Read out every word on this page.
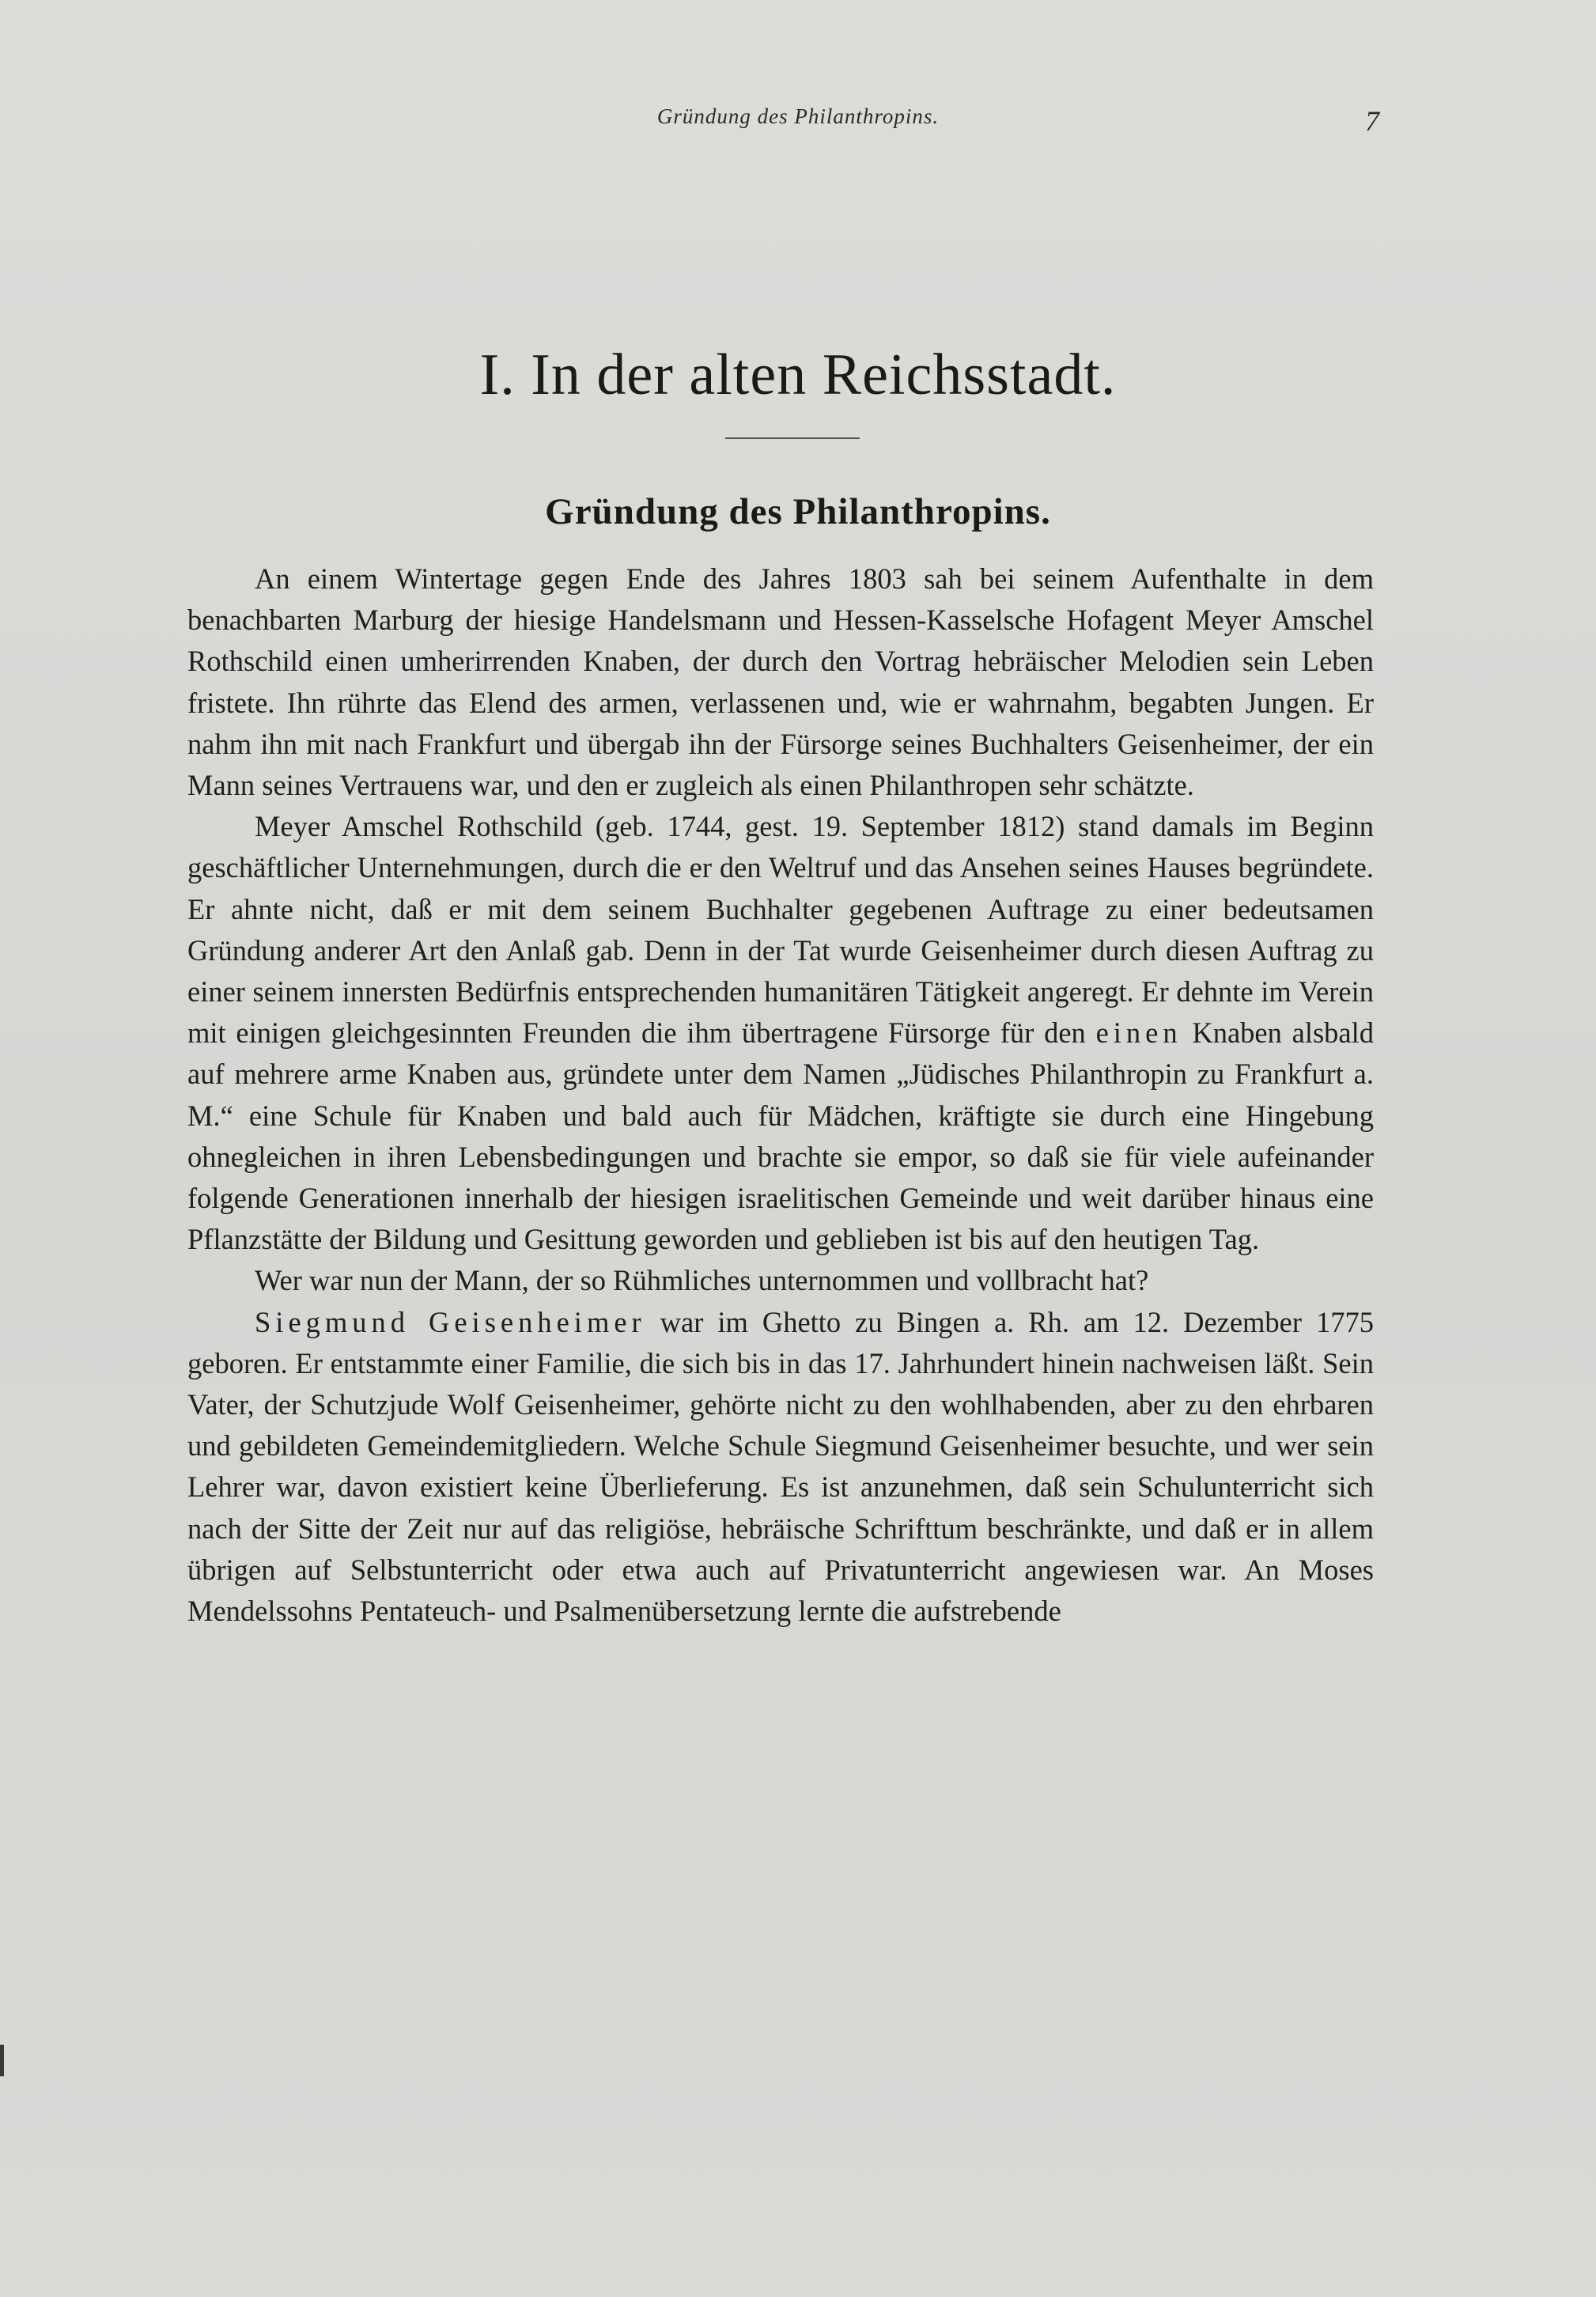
Gründung des Philanthropins.	7
I. In der alten Reichsstadt.
Gründung des Philanthropins.

An einem Wintertage gegen Ende des Jahres 1803 sah bei seinem Aufenthalte in dem benachbarten Marburg der hiesige Handelsmann und Hessen-Kasselsche Hofagent Meyer Amschel Rothschild einen umherirrenden Knaben, der durch den Vortrag hebräischer Melodien sein Leben fristete. Ihn rührte das Elend des armen, verlassenen und, wie er wahrnahm, begabten Jungen. Er nahm ihn mit nach Frankfurt und übergab ihn der Fürsorge seines Buchhalters Geisenheimer, der ein Mann seines Vertrauens war, und den er zugleich als einen Philanthropen sehr schätzte.

Meyer Amschel Rothschild (geb. 1744, gest. 19. September 1812) stand damals im Beginn geschäftlicher Unternehmungen, durch die er den Weltruf und das Ansehen seines Hauses begründete. Er ahnte nicht, daß er mit dem seinem Buchhalter gegebenen Auftrage zu einer bedeutsamen Gründung anderer Art den Anlaß gab. Denn in der Tat wurde Geisenheimer durch diesen Auftrag zu einer seinem innersten Bedürfnis entsprechenden humanitären Tätigkeit angeregt. Er dehnte im Verein mit einigen gleichgesinnten Freunden die ihm übertragene Fürsorge für den einen Knaben alsbald auf mehrere arme Knaben aus, gründete unter dem Namen „Jüdisches Philanthropin zu Frankfurt a. M.“ eine Schule für Knaben und bald auch für Mädchen, kräftigte sie durch eine Hingebung ohnegleichen in ihren Lebensbedingungen und brachte sie empor, so daß sie für viele aufeinander folgende Generationen innerhalb der hiesigen israelitischen Gemeinde und weit darüber hinaus eine Pflanzstätte der Bildung und Gesittung geworden und geblieben ist bis auf den heutigen Tag.

Wer war nun der Mann, der so Rühmliches unternommen und vollbracht hat?

Siegmund Geisenheimer war im Ghetto zu Bingen a. Rh. am 12. Dezember 1775 geboren. Er entstammte einer Familie, die sich bis in das 17. Jahrhundert hinein nachweisen läßt. Sein Vater, der Schutzjude Wolf Geisenheimer, gehörte nicht zu den wohlhabenden, aber zu den ehrbaren und gebildeten Gemeindemitgliedern. Welche Schule Siegmund Geisenheimer besuchte, und wer sein Lehrer war, davon existiert keine Überlieferung. Es ist anzunehmen, daß sein Schulunterricht sich nach der Sitte der Zeit nur auf das religiöse, hebräische Schrifttum beschränkte, und daß er in allem übrigen auf Selbstunterricht oder etwa auch auf Privatunterricht angewiesen war. An Moses Mendelssohns Pentateuch- und Psalmenübersetzung lernte die aufstrebende
